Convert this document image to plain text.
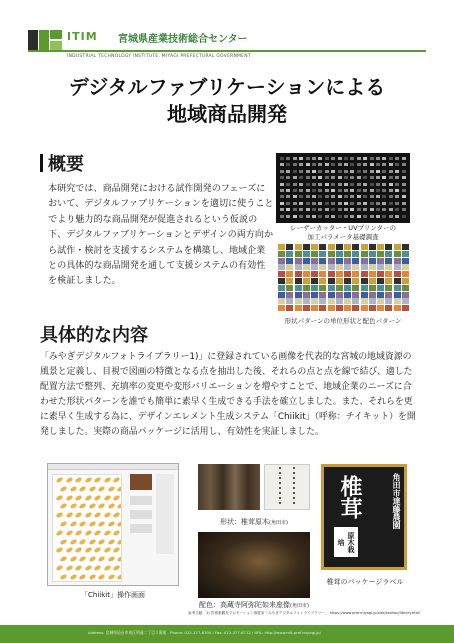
ITIM 宮城県産業技術総合センター
INDUSTRIAL TECHNOLOGY INSTITUTE, MIYAGI PREFECTURAL GOVERNMENT
デジタルファブリケーションによる
地域商品開発
概要
本研究では、商品開発における試作開発のフェーズにおいて、デジタルファブリケーションを適切に使うことでより魅力的な商品開発が促進されるという仮説の下、デジタルファブリケーションとデザインの両方向から試作・検討を支援するシステムを構築し、地域企業との具体的な商品開発を通して支援システムの有効性を検証しました。
レーザーカッター・UVプリンターの
加工パラメータ基礎調査
形状パターンの単位形状と配色パターン
具体的な内容
「みやぎデジタルフォトライブラリー1)」に登録されている画像を代表的な宮城の地域資源の風景と定義し、目視で図画の特徴となる点を抽出した後、それらの点と点を線で結び、適した配置方法で整列、充填率の変更や変形バリエーションを増やすことで、地域企業のニーズに合わせた形状パターンを誰でも簡単に素早く生成できる手法を確立しました。また、それらを更に素早く生成する為に、デザインエレメント生成システム「Chiikit」（呼称：チイキット）を開発しました。実際の商品パッケージに活用し、有効性を実証しました。
「Chiikit」操作画面
形状：椎茸原木(角田市)
配色：高蔵寺阿弥陀如来座像(角田市)
椎茸
原木栽培
角田市達藤農園
椎茸のパッケージラベル
参考文献　1) 宮城県観光プロモーション推進室「みやぎデジタルフォトライブラリー」 https://www.pref.miyagi.jp/site/kankou/library.html
Address: 宮城県仙台市泉区明通二丁目２番地　Phone: 022-377-8700 / Fax: 022-377-8712 / URL: http://www.mit.pref.miyagi.jp/
